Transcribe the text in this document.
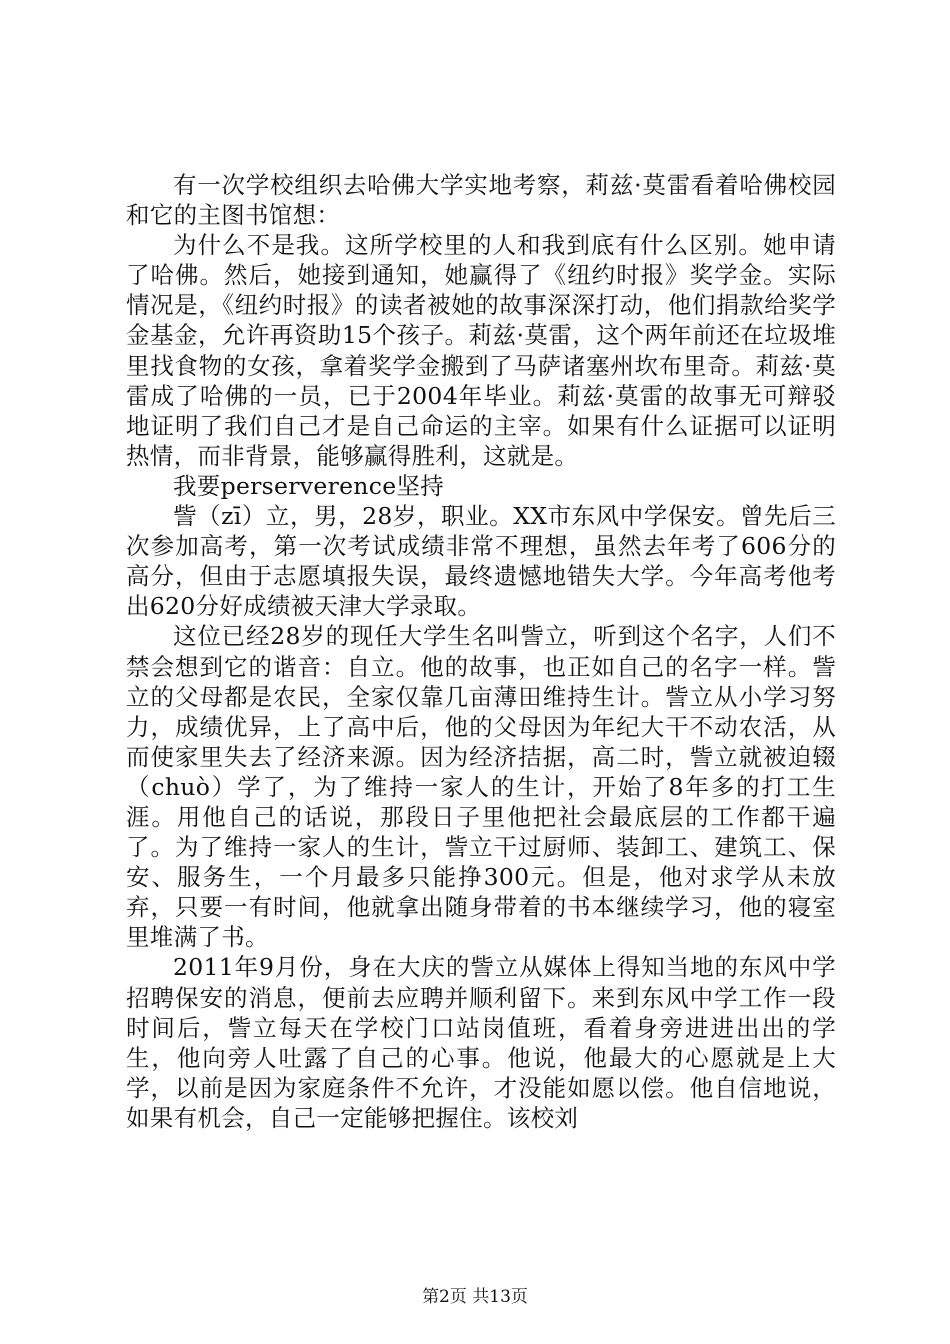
有一次学校组织去哈佛大学实地考察，莉兹·莫雷看着哈佛校园和它的主图书馆想：

为什么不是我。这所学校里的人和我到底有什么区别。她申请了哈佛。然后，她接到通知，她赢得了《纽约时报》奖学金。实际情况是，《纽约时报》的读者被她的故事深深打动，他们捐款给奖学金基金，允许再资助15个孩子。莉兹·莫雷，这个两年前还在垃圾堆里找食物的女孩，拿着奖学金搬到了马萨诸塞州坎布里奇。莉兹·莫雷成了哈佛的一员，已于2004年毕业。莉兹·莫雷的故事无可辩驳地证明了我们自己才是自己命运的主宰。如果有什么证据可以证明热情，而非背景，能够赢得胜利，这就是。

我要perserverence坚持

訾（zī）立，男，28岁，职业。XX市东风中学保安。曾先后三次参加高考，第一次考试成绩非常不理想，虽然去年考了606分的高分，但由于志愿填报失误，最终遗憾地错失大学。今年高考他考出620分好成绩被天津大学录取。

这位已经28岁的现任大学生名叫訾立，听到这个名字，人们不禁会想到它的谐音：自立。他的故事，也正如自己的名字一样。訾立的父母都是农民，全家仅靠几亩薄田维持生计。訾立从小学习努力，成绩优异，上了高中后，他的父母因为年纪大干不动农活，从而使家里失去了经济来源。因为经济拮据，高二时，訾立就被迫辍（chuò）学了，为了维持一家人的生计，开始了8年多的打工生涯。用他自己的话说，那段日子里他把社会最底层的工作都干遍了。为了维持一家人的生计，訾立干过厨师、装卸工、建筑工、保安、服务生，一个月最多只能挣300元。但是，他对求学从未放弃，只要一有时间，他就拿出随身带着的书本继续学习，他的寝室里堆满了书。

2011年9月份，身在大庆的訾立从媒体上得知当地的东风中学招聘保安的消息，便前去应聘并顺利留下。来到东风中学工作一段时间后，訾立每天在学校门口站岗值班，看着身旁进进出出的学生，他向旁人吐露了自己的心事。他说，他最大的心愿就是上大学，以前是因为家庭条件不允许，才没能如愿以偿。他自信地说，如果有机会，自己一定能够把握住。该校刘

第2页 共13页
